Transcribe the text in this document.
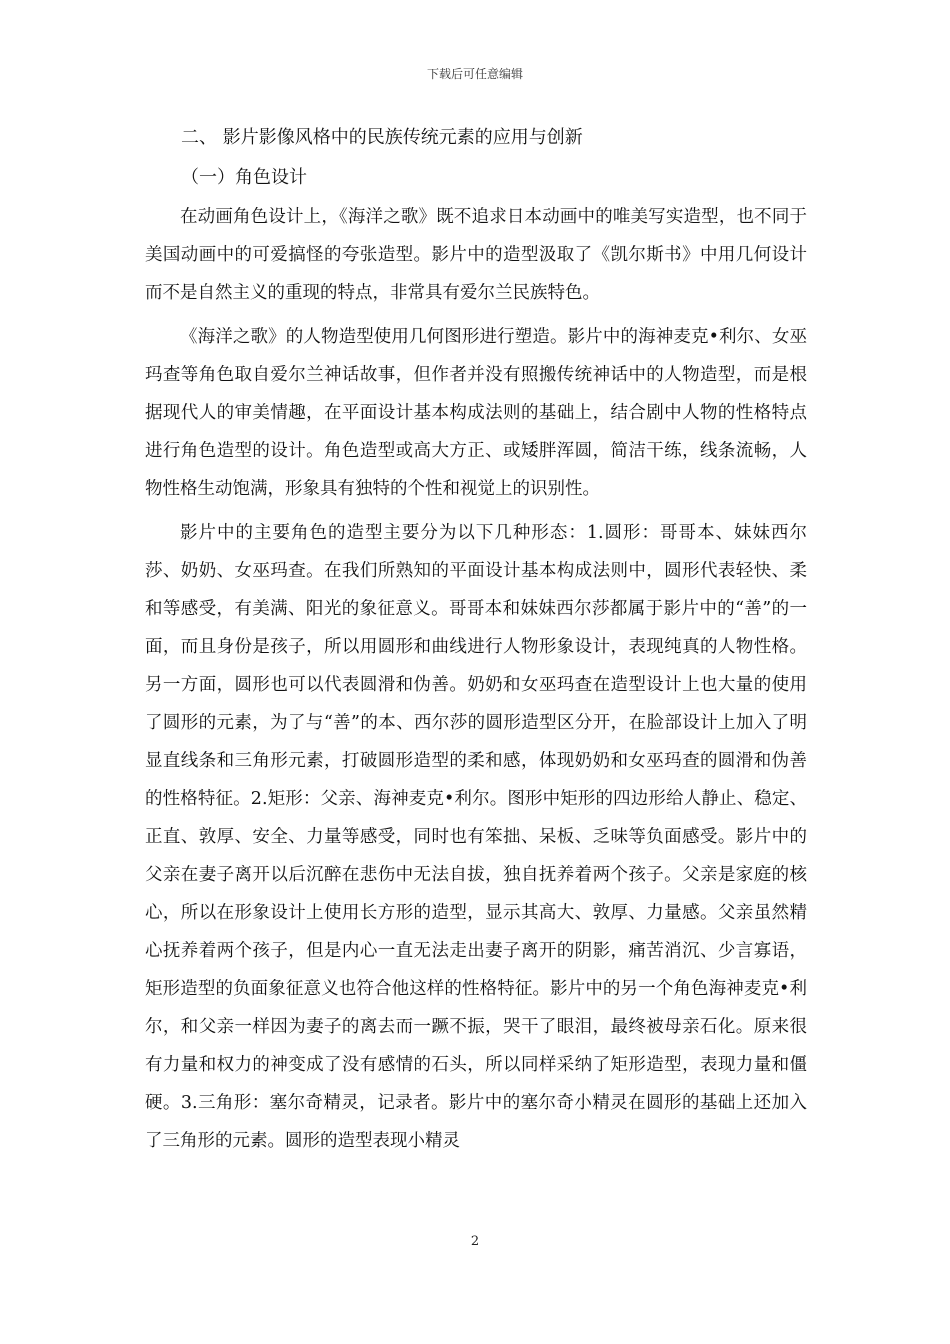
下载后可任意编辑

二、 影片影像风格中的民族传统元素的应用与创新

（一）角色设计

在动画角色设计上，《海洋之歌》既不追求日本动画中的唯美写实造型，也不同于美国动画中的可爱搞怪的夸张造型。影片中的造型汲取了《凯尔斯书》中用几何设计而不是自然主义的重现的特点，非常具有爱尔兰民族特色。

《海洋之歌》的人物造型使用几何图形进行塑造。影片中的海神麦克•利尔、女巫玛查等角色取自爱尔兰神话故事，但作者并没有照搬传统神话中的人物造型，而是根据现代人的审美情趣，在平面设计基本构成法则的基础上，结合剧中人物的性格特点进行角色造型的设计。角色造型或高大方正、或矮胖浑圆，简洁干练，线条流畅，人物性格生动饱满，形象具有独特的个性和视觉上的识别性。

影片中的主要角色的造型主要分为以下几种形态：1.圆形：哥哥本、妹妹西尔莎、奶奶、女巫玛查。在我们所熟知的平面设计基本构成法则中，圆形代表轻快、柔和等感受，有美满、阳光的象征意义。哥哥本和妹妹西尔莎都属于影片中的“善”的一面，而且身份是孩子，所以用圆形和曲线进行人物形象设计，表现纯真的人物性格。另一方面，圆形也可以代表圆滑和伪善。奶奶和女巫玛查在造型设计上也大量的使用了圆形的元素，为了与“善”的本、西尔莎的圆形造型区分开，在脸部设计上加入了明显直线条和三角形元素，打破圆形造型的柔和感，体现奶奶和女巫玛查的圆滑和伪善的性格特征。2.矩形：父亲、海神麦克•利尔。图形中矩形的四边形给人静止、稳定、正直、敦厚、安全、力量等感受，同时也有笨拙、呆板、乏味等负面感受。影片中的父亲在妻子离开以后沉醉在悲伤中无法自拔，独自抚养着两个孩子。父亲是家庭的核心，所以在形象设计上使用长方形的造型，显示其高大、敦厚、力量感。父亲虽然精心抚养着两个孩子，但是内心一直无法走出妻子离开的阴影，痛苦消沉、少言寡语，矩形造型的负面象征意义也符合他这样的性格特征。影片中的另一个角色海神麦克•利尔，和父亲一样因为妻子的离去而一蹶不振，哭干了眼泪，最终被母亲石化。原来很有力量和权力的神变成了没有感情的石头，所以同样采纳了矩形造型，表现力量和僵硬。3.三角形：塞尔奇精灵，记录者。影片中的塞尔奇小精灵在圆形的基础上还加入了三角形的元素。圆形的造型表现小精灵

2
